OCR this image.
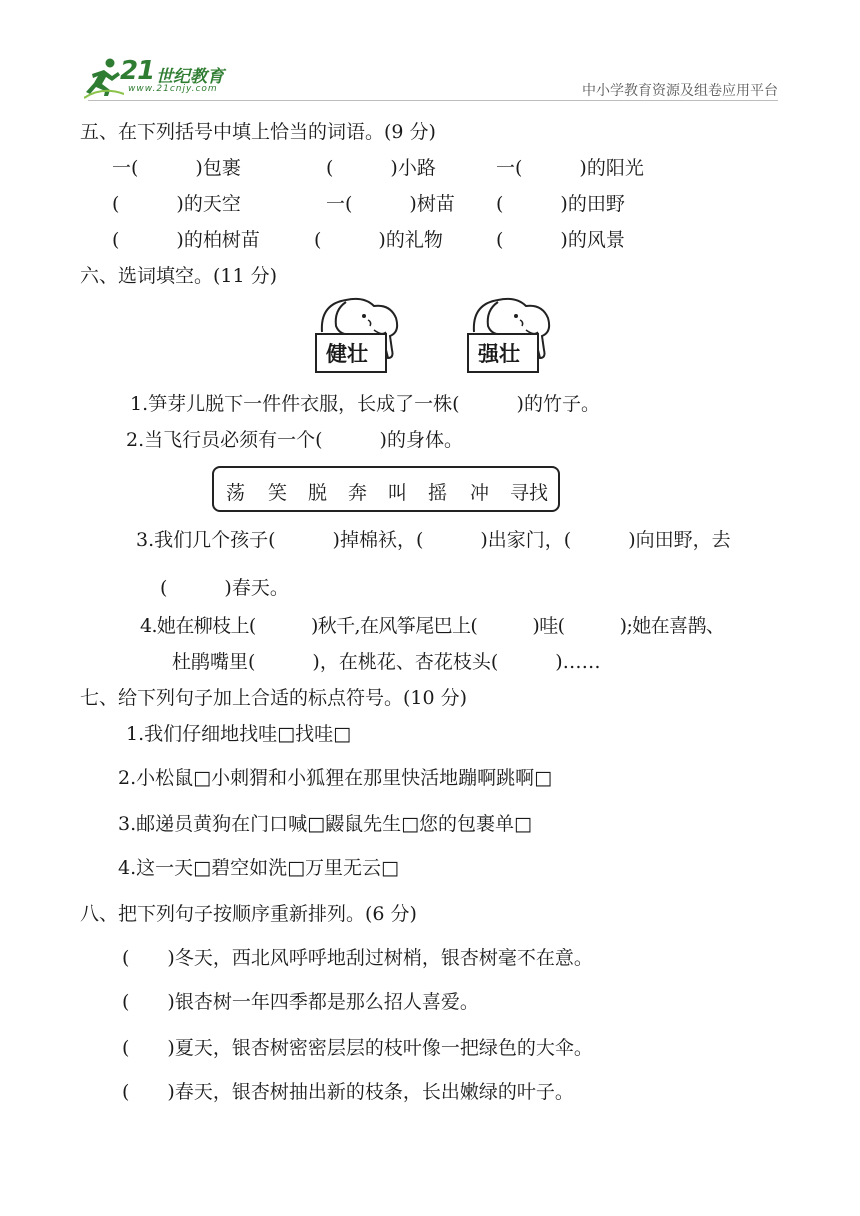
21 世纪教育
www.21cnjy.com	中小学教育资源及组卷应用平台
五、在下列括号中填上恰当的词语。(9 分)
一(　　　)包裹	(　　　)小路	一(　　　)的阳光
(　　　)的天空	一(　　　)树苗 (　　　)的田野
(　　　)的柏树苗	(　　　)的礼物	(　　　)的风景
六、选词填空。(11 分)
健壮	强壮
1.笋芽儿脱下一件件衣服，长成了一株(　　　)的竹子。
2.当飞行员必须有一个(　　　)的身体。
荡 笑 脱 奔 叫 摇 冲 寻找
3.我们几个孩子(　　　)掉棉袄，(　　　)出家门，(　　　)向田野，去
(　　　)春天。
4.她在柳枝上(　　　)秋千,在风筝尾巴上(　　　)哇(　　　);她在喜鹊、
杜鹃嘴里(　　　)，在桃花、杏花枝头(　　　)……
七、给下列句子加上合适的标点符号。(10 分)
1.我们仔细地找哇□找哇□
2.小松鼠□小刺猬和小狐狸在那里快活地蹦啊跳啊□
3.邮递员黄狗在门口喊□鼹鼠先生□您的包裹单□
4.这一天□碧空如洗□万里无云□
八、把下列句子按顺序重新排列。(6 分)
(　　)冬天，西北风呼呼地刮过树梢，银杏树毫不在意。
(　　)银杏树一年四季都是那么招人喜爱。
(　　)夏天，银杏树密密层层的枝叶像一把绿色的大伞。
(　　)春天，银杏树抽出新的枝条，长出嫩绿的叶子。
